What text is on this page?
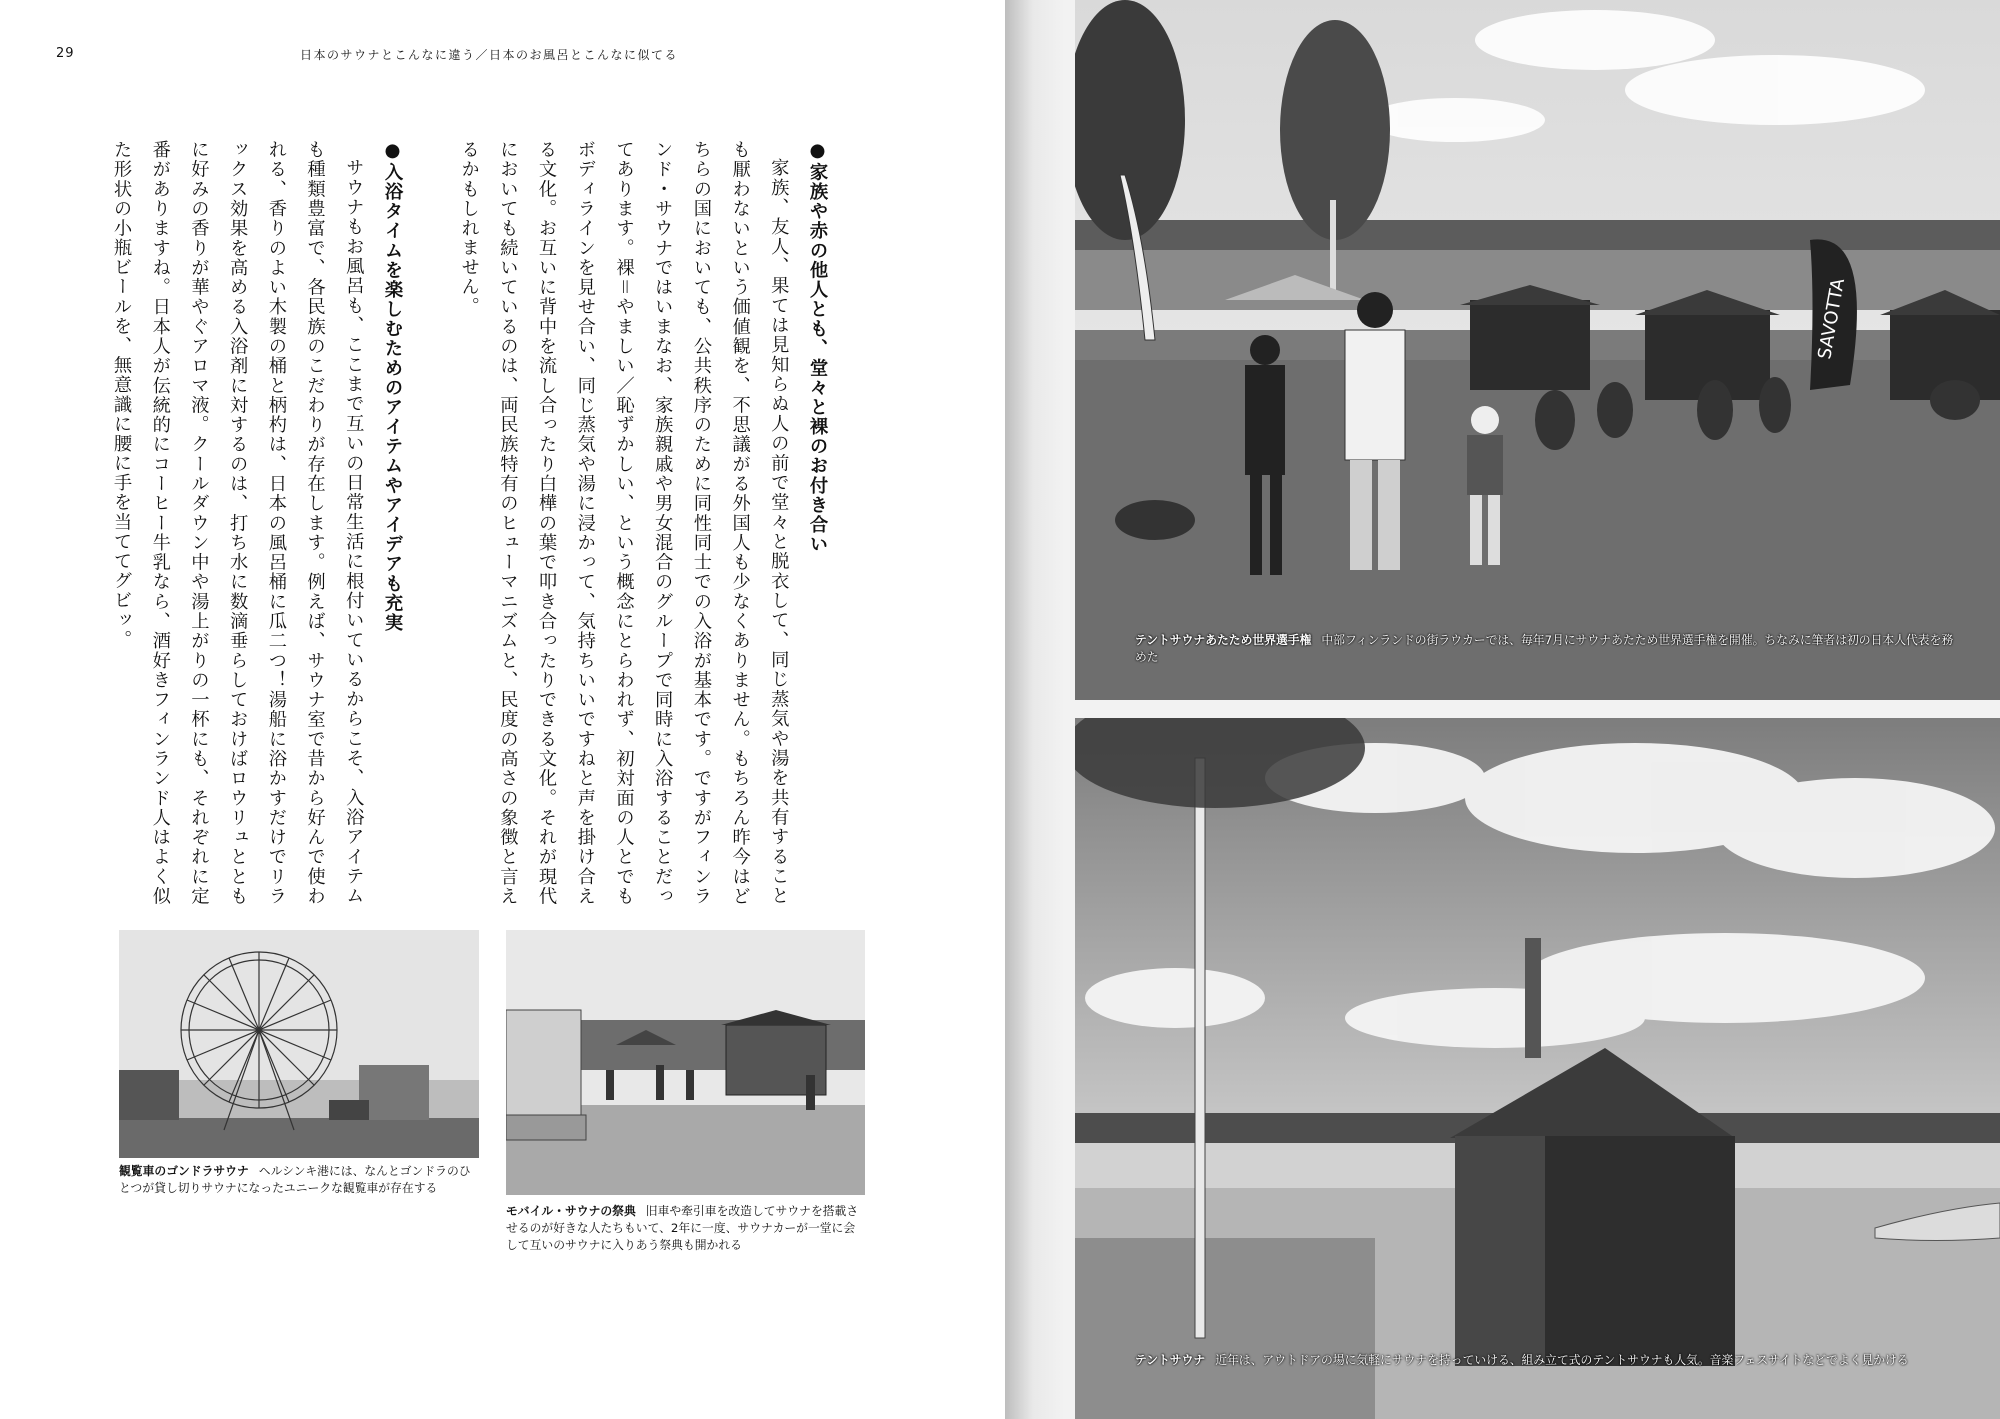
29	日本のサウナとこんなに違う／日本のお風呂とこんなに似てる
●家族や赤の他人とも、堂々と裸のお付き合い
家族、友人、果ては見知らぬ人の前で堂々と脱衣して、同じ蒸気や湯を共有することも厭わないという価値観を、不思議がる外国人も少なくありません。もちろん昨今はどちらの国においても、公共秩序のために同性同士での入浴が基本です。ですがフィンランド・サウナではいまなお、家族親戚や男女混合のグループで同時に入浴することだってあります。裸＝やましい／恥ずかしい、という概念にとらわれず、初対面の人とでもボディラインを見せ合い、同じ蒸気や湯に浸かって、気持ちいいですねと声を掛け合える文化。お互いに背中を流し合ったり白樺の葉で叩き合ったりできる文化。それが現代においても続いているのは、両民族特有のヒューマニズムと、民度の高さの象徴と言えるかもしれません。
●入浴タイムを楽しむためのアイテムやアイデアも充実
サウナもお風呂も、ここまで互いの日常生活に根付いているからこそ、入浴アイテムも種類豊富で、各民族のこだわりが存在します。例えば、サウナ室で昔から好んで使われる、香りのよい木製の桶と柄杓は、日本の風呂桶に瓜二つ！湯船に浴かすだけでリラックス効果を高める入浴剤に対するのは、打ち水に数滴垂らしておけばロウリュとともに好みの香りが華やぐアロマ液。クールダウン中や湯上がりの一杯にも、それぞれに定番がありますね。日本人が伝統的にコーヒー牛乳なら、酒好きフィンランド人はよく似た形状の小瓶ビールを、無意識に腰に手を当ててグビッ。
観覧車のゴンドラサウナ ヘルシンキ港には、なんとゴンドラのひとつが貸し切りサウナになったユニークな観覧車が存在する
モバイル・サウナの祭典 旧車や牽引車を改造してサウナを搭載させるのが好きな人たちもいて、2年に一度、サウナカーが一堂に会して互いのサウナに入りあう祭典も開かれる
SAVOTTA
テントサウナあたため世界選手権 中部フィンランドの街ラウカーでは、毎年7月にサウナあたため世界選手権を開催。ちなみに筆者は初の日本人代表を務めた
テントサウナ 近年は、アウトドアの場に気軽にサウナを持っていける、組み立て式のテントサウナも人気。音楽フェスサイトなどでよく見かける
